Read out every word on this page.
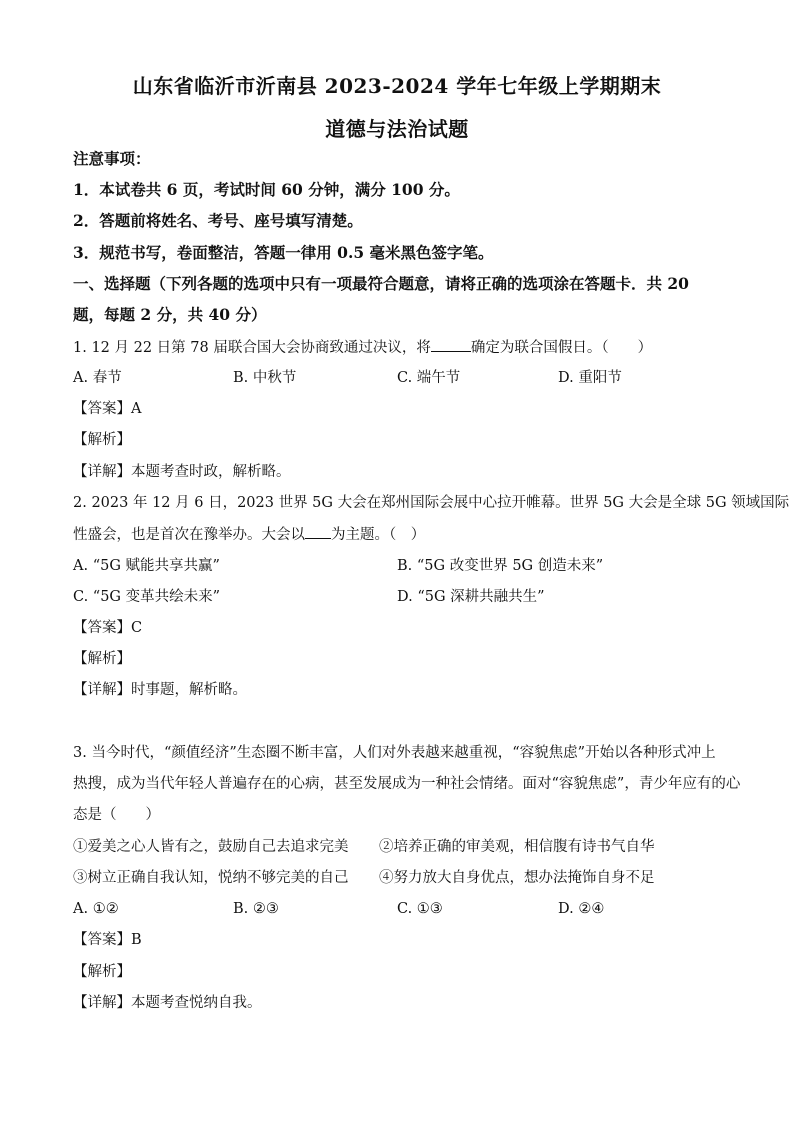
山东省临沂市沂南县 2023-2024 学年七年级上学期期末
道德与法治试题
注意事项：
1．本试卷共 6 页，考试时间 60 分钟，满分 100 分。
2．答题前将姓名、考号、座号填写清楚。
3．规范书写，卷面整洁，答题一律用 0.5 毫米黑色签字笔。
一、选择题（下列各题的选项中只有一项最符合题意，请将正确的选项涂在答题卡．共 20
题，每题 2 分，共 40 分）
1. 12 月 22 日第 78 届联合国大会协商致通过决议，将	确定为联合国假日。（　　）
A. 春节	B. 中秋节	C. 端午节	D. 重阳节
【答案】A
【解析】
【详解】本题考查时政，解析略。
2. 2023 年 12 月 6 日，2023 世界 5G 大会在郑州国际会展中心拉开帷幕。世界 5G 大会是全球 5G 领域国际
性盛会，也是首次在豫举办。大会以 为主题。（　）
A. “5G 赋能共享共赢”	B. “5G 改变世界 5G 创造未来”
C. “5G 变革共绘未来”	D. “5G 深耕共融共生”
【答案】C
【解析】
【详解】时事题，解析略。
3. 当今时代，“颜值经济”生态圈不断丰富，人们对外表越来越重视，“容貌焦虑”开始以各种形式冲上
热搜，成为当代年轻人普遍存在的心病，甚至发展成为一种社会情绪。面对“容貌焦虑”，青少年应有的心
态是（　　）
①爱美之心人皆有之，鼓励自己去追求完美 ②培养正确的审美观，相信腹有诗书气自华
③树立正确自我认知，悦纳不够完美的自己 ④努力放大自身优点，想办法掩饰自身不足
A. ①②	B. ②③	C. ①③	D. ②④
【答案】B
【解析】
【详解】本题考查悦纳自我。
